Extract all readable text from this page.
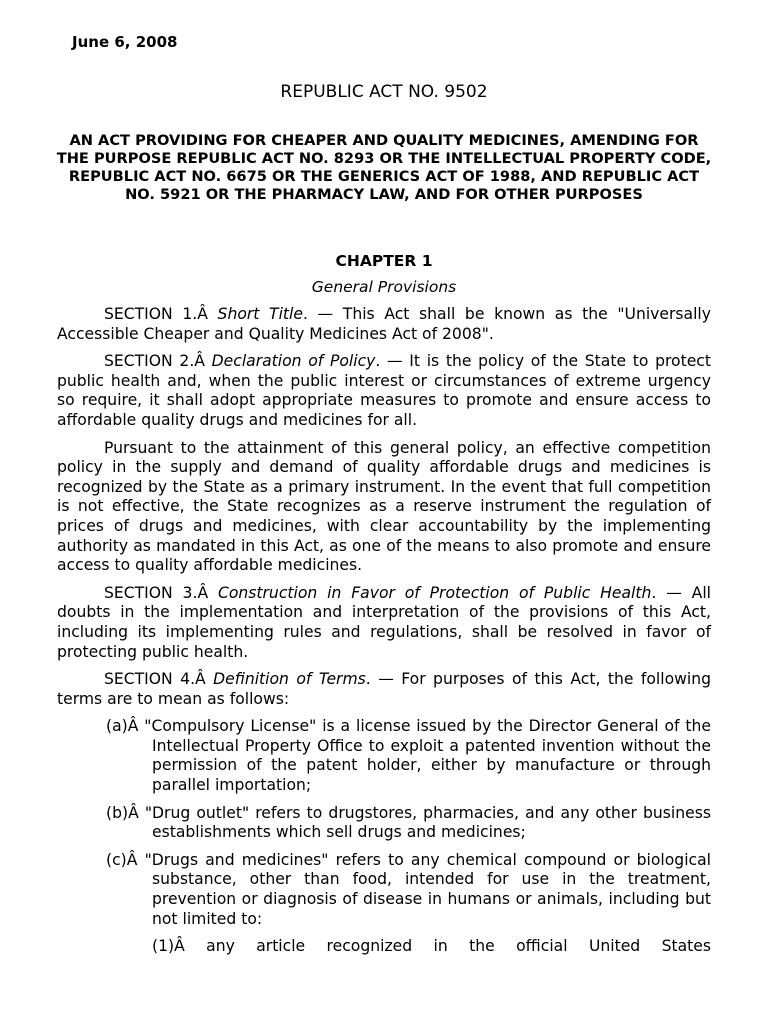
June 6, 2008
REPUBLIC ACT NO. 9502
AN ACT PROVIDING FOR CHEAPER AND QUALITY MEDICINES, AMENDING FOR THE PURPOSE REPUBLIC ACT NO. 8293 OR THE INTELLECTUAL PROPERTY CODE, REPUBLIC ACT NO. 6675 OR THE GENERICS ACT OF 1988, AND REPUBLIC ACT NO. 5921 OR THE PHARMACY LAW, AND FOR OTHER PURPOSES
CHAPTER 1
General Provisions

SECTION 1.Â Short Title. — This Act shall be known as the "Universally Accessible Cheaper and Quality Medicines Act of 2008".

SECTION 2.Â Declaration of Policy. — It is the policy of the State to protect public health and, when the public interest or circumstances of extreme urgency so require, it shall adopt appropriate measures to promote and ensure access to affordable quality drugs and medicines for all.

Pursuant to the attainment of this general policy, an effective competition policy in the supply and demand of quality affordable drugs and medicines is recognized by the State as a primary instrument. In the event that full competition is not effective, the State recognizes as a reserve instrument the regulation of prices of drugs and medicines, with clear accountability by the implementing authority as mandated in this Act, as one of the means to also promote and ensure access to quality affordable medicines.

SECTION 3.Â Construction in Favor of Protection of Public Health. — All doubts in the implementation and interpretation of the provisions of this Act, including its implementing rules and regulations, shall be resolved in favor of protecting public health.

SECTION 4.Â Definition of Terms. — For purposes of this Act, the following terms are to mean as follows:

(a)Â "Compulsory License" is a license issued by the Director General of the Intellectual Property Office to exploit a patented invention without the permission of the patent holder, either by manufacture or through parallel importation;

(b)Â "Drug outlet" refers to drugstores, pharmacies, and any other business establishments which sell drugs and medicines;

(c)Â "Drugs and medicines" refers to any chemical compound or biological substance, other than food, intended for use in the treatment, prevention or diagnosis of disease in humans or animals, including but not limited to:

(1)Â any article recognized in the official United States
